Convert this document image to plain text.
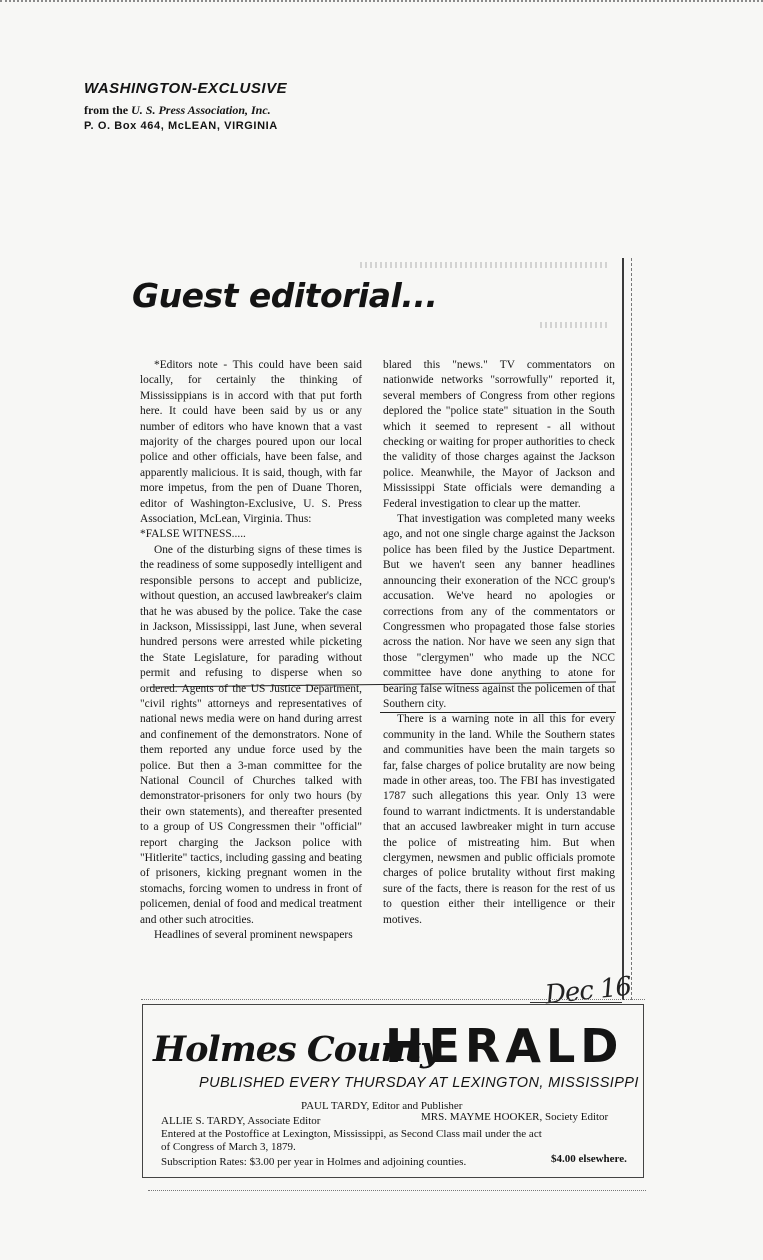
WASHINGTON-EXCLUSIVE
from the U. S. Press Association, Inc.
P. O. Box 464, McLEAN, VIRGINIA
Guest editorial...

*Editors note - This could have been said locally, for certainly the thinking of Mississippians is in accord with that put forth here. It could have been said by us or any number of editors who have known that a vast majority of the charges poured upon our local police and other officials, have been false, and apparently malicious. It is said, though, with far more impetus, from the pen of Duane Thoren, editor of Washington-Exclusive, U. S. Press Association, McLean, Virginia. Thus:

*FALSE WITNESS.....

One of the disturbing signs of these times is the readiness of some supposedly intelligent and responsible persons to accept and publicize, without question, an accused lawbreaker's claim that he was abused by the police. Take the case in Jackson, Mississippi, last June, when several hundred persons were arrested while picketing the State Legislature, for parading without permit and refusing to disperse when so ordered. Agents of the US Justice Department, "civil rights" attorneys and representatives of national news media were on hand during arrest and confinement of the demonstrators. None of them reported any undue force used by the police. But then a 3-man committee for the National Council of Churches talked with demonstrator-prisoners for only two hours (by their own statements), and thereafter presented to a group of US Congressmen their "official" report charging the Jackson police with "Hitlerite" tactics, including gassing and beating of prisoners, kicking pregnant women in the stomachs, forcing women to undress in front of policemen, denial of food and medical treatment and other such atrocities.

Headlines of several prominent newspapers

blared this "news." TV commentators on nationwide networks "sorrowfully" reported it, several members of Congress from other regions deplored the "police state" situation in the South which it seemed to represent - all without checking or waiting for proper authorities to check the validity of those charges against the Jackson police. Meanwhile, the Mayor of Jackson and Mississippi State officials were demanding a Federal investigation to clear up the matter.

That investigation was completed many weeks ago, and not one single charge against the Jackson police has been filed by the Justice Department. But we haven't seen any banner headlines announcing their exoneration of the NCC group's accusation. We've heard no apologies or corrections from any of the commentators or Congressmen who propagated those false stories across the nation. Nor have we seen any sign that those "clergymen" who made up the NCC committee have done anything to atone for bearing false witness against the policemen of that Southern city.

There is a warning note in all this for every community in the land. While the Southern states and communities have been the main targets so far, false charges of police brutality are now being made in other areas, too. The FBI has investigated 1787 such allegations this year. Only 13 were found to warrant indictments. It is understandable that an accused lawbreaker might in turn accuse the police of mistreating him. But when clergymen, newsmen and public officials promote charges of police brutality without first making sure of the facts, there is reason for the rest of us to question either their intelligence or their motives.

Dec 16
Holmes County
HERALD
PUBLISHED EVERY THURSDAY AT LEXINGTON, MISSISSIPPI
PAUL TARDY, Editor and Publisher
ALLIE S. TARDY, Associate Editor	MRS. MAYME HOOKER, Society Editor
Entered at the Postoffice at Lexington, Mississippi, as Second Class mail under the act
of Congress of March 3, 1879.
Subscription Rates: $3.00 per year in Holmes and adjoining counties.	$4.00 elsewhere.
